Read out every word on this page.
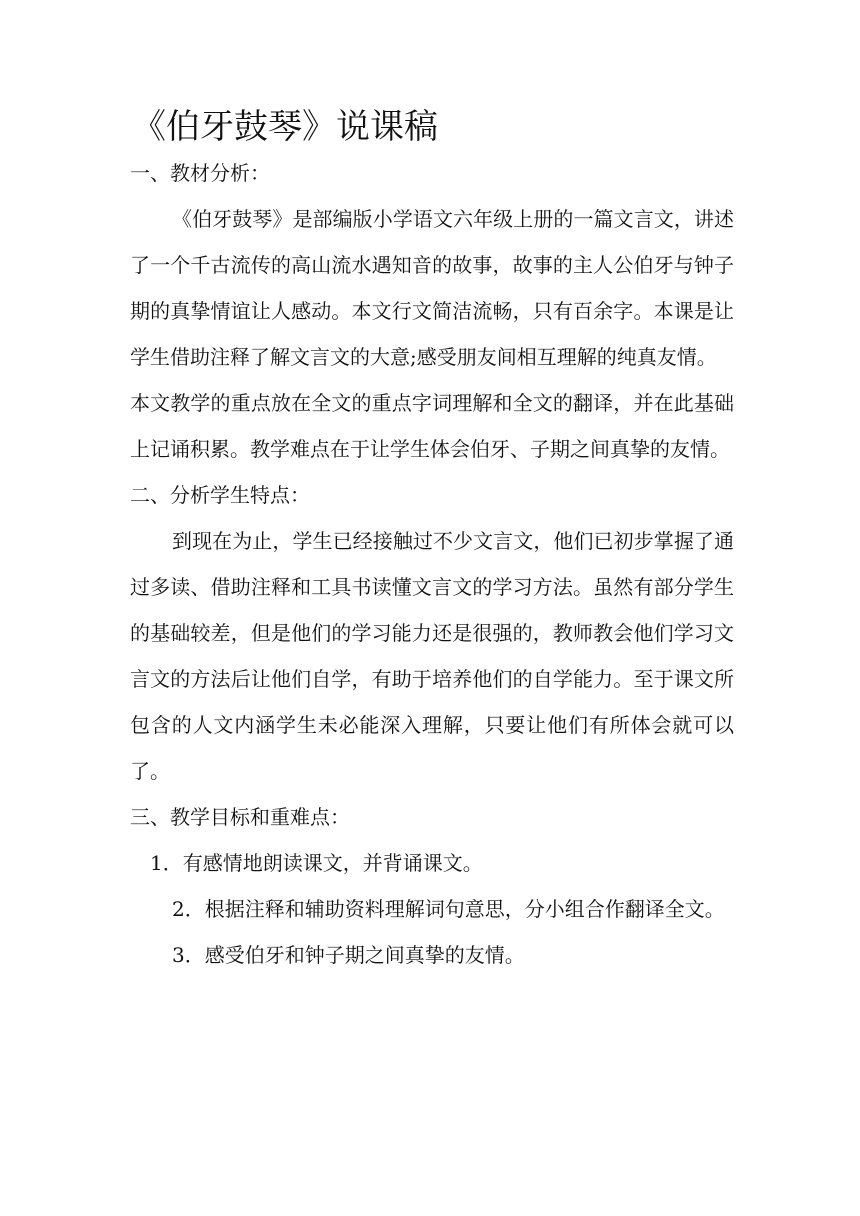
《伯牙鼓琴》说课稿

一、教材分析：

《伯牙鼓琴》是部编版小学语文六年级上册的一篇文言文，讲述了一个千古流传的高山流水遇知音的故事，故事的主人公伯牙与钟子期的真挚情谊让人感动。本文行文简洁流畅，只有百余字。本课是让学生借助注释了解文言文的大意;感受朋友间相互理解的纯真友情。

本文教学的重点放在全文的重点字词理解和全文的翻译，并在此基础上记诵积累。教学难点在于让学生体会伯牙、子期之间真挚的友情。

二、分析学生特点：

到现在为止，学生已经接触过不少文言文，他们已初步掌握了通过多读、借助注释和工具书读懂文言文的学习方法。虽然有部分学生的基础较差，但是他们的学习能力还是很强的，教师教会他们学习文言文的方法后让他们自学，有助于培养他们的自学能力。至于课文所包含的人文内涵学生未必能深入理解，只要让他们有所体会就可以了。

三、教学目标和重难点：

1．有感情地朗读课文，并背诵课文。

2．根据注释和辅助资料理解词句意思，分小组合作翻译全文。

3．感受伯牙和钟子期之间真挚的友情。
